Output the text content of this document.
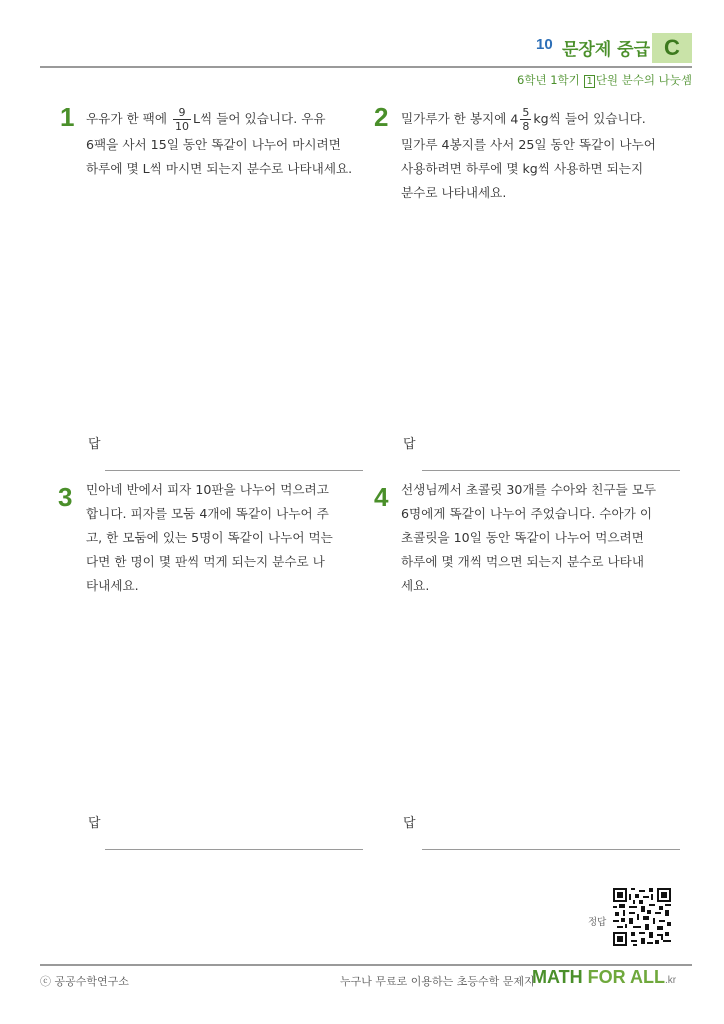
10 문장제 중급 C
6학년 1학기 1 단원 분수의 나눗셈
1 우유가 한 팩에 $\frac{9}{10}$ L씩 들어 있습니다. 우유
6팩을 사서 15일 동안 똑같이 나누어 마시려면
하루에 몇 L씩 마시면 되는지 분수로 나타내세요.
답
2 밀가루가 한 봉지에 $4 \frac{5}{8}$ kg씩 들어 있습니다.
밀가루 4봉지를 사서 25일 동안 똑같이 나누어
사용하려면 하루에 몇 kg씩 사용하면 되는지
분수로 나타내세요.
답
3 민아네 반에서 피자 10판을 나누어 먹으려고
합니다. 피자를 모둠 4개에 똑같이 나누어 주
고, 한 모둠에 있는 5명이 똑같이 나누어 먹는
다면 한 명이 몇 판씩 먹게 되는지 분수로 나
타내세요.
답
4 선생님께서 초콜릿 30개를 수아와 친구들 모두
6명에게 똑같이 나누어 주었습니다. 수아가 이
초콜릿을 10일 동안 똑같이 나누어 먹으려면
하루에 몇 개씩 먹으면 되는지 분수로 나타내
세요.
답
정답
ⓒ 공공수학연구소	누구나 무료로 이용하는 초등수학 문제지
MATH FOR ALL.kr
